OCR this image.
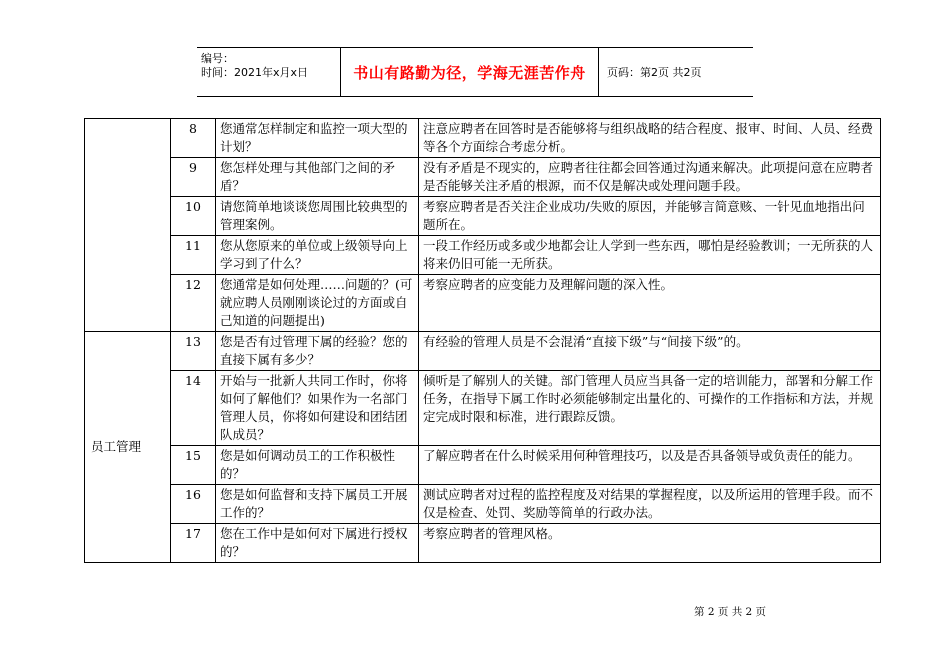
编号：
时间：2021年x月x日	书山有路勤为径，学海无涯苦作舟 页码：第2页 共2页
	8	您通常怎样制定和监控一项大型的计划？	注意应聘者在回答时是否能够将与组织战略的结合程度、报审、时间、人员、经费等各个方面综合考虑分析。
	9	您怎样处理与其他部门之间的矛盾？	没有矛盾是不现实的，应聘者往往都会回答通过沟通来解决。此项提问意在应聘者是否能够关注矛盾的根源，而不仅是解决或处理问题手段。
	10	请您简单地谈谈您周围比较典型的 管理案例。	考察应聘者是否关注企业成功/失败的原因，并能够言简意赅、一针见血地指出问题所在。
	11	您从您原来的单位或上级领导向上学习到了什么？	一段工作经历或多或少地都会让人学到一些东西，哪怕是经验教训；一无所获的人将来仍旧可能一无所获。
	12	您通常是如何处理……问题的？(可就应聘人员刚刚谈论过的方面或自己知道的问题提出)	考察应聘者的应变能力及理解问题的深入性。
员工管理	13	您是否有过管理下属的经验？您的直接下属有多少？	有经验的管理人员是不会混淆“直接下级”与“间接下级”的。
	14	开始与一批新人共同工作时，你将如何了解他们？如果作为一名部门管理人员，你将如何建设和团结团队成员？	倾听是了解别人的关键。部门管理人员应当具备一定的培训能力，部署和分解工作任务，在指导下属工作时必须能够制定出量化的、可操作的工作指标和方法，并规定完成时限和标准，进行跟踪反馈。
	15	您是如何调动员工的工作积极性的？	了解应聘者在什么时候采用何种管理技巧，以及是否具备领导或负责任的能力。
	16	您是如何监督和支持下属员工开展工作的？	测试应聘者对过程的监控程度及对结果的掌握程度，以及所运用的管理手段。而不仅是检查、处罚、奖励等简单的行政办法。
	17	您在工作中是如何对下属进行授权的？	考察应聘者的管理风格。
第 2 页 共 2 页
